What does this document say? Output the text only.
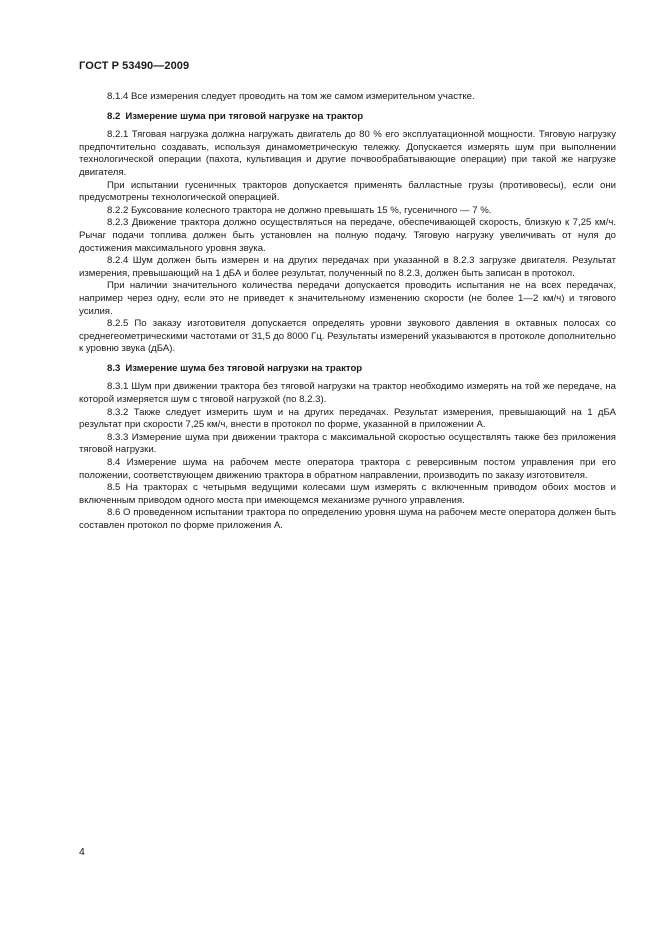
ГОСТ Р 53490—2009

8.1.4 Все измерения следует проводить на том же самом измерительном участке.

8.2 Измерение шума при тяговой нагрузке на трактор

8.2.1 Тяговая нагрузка должна нагружать двигатель до 80 % его эксплуатационной мощности. Тяговую нагрузку предпочтительно создавать, используя динамометрическую тележку. Допускается измерять шум при выполнении технологической операции (пахота, культивация и другие почвообрабатывающие операции) при такой же нагрузке двигателя.

При испытании гусеничных тракторов допускается применять балластные грузы (противовесы), если они предусмотрены технологической операцией.

8.2.2 Буксование колесного трактора не должно превышать 15 %, гусеничного — 7 %.

8.2.3 Движение трактора должно осуществляться на передаче, обеспечивающей скорость, близкую к 7,25 км/ч. Рычаг подачи топлива должен быть установлен на полную подачу. Тяговую нагрузку увеличивать от нуля до достижения максимального уровня звука.

8.2.4 Шум должен быть измерен и на других передачах при указанной в 8.2.3 загрузке двигателя. Результат измерения, превышающий на 1 дБА и более результат, полученный по 8.2.3, должен быть записан в протокол.

При наличии значительного количества передачи допускается проводить испытания не на всех передачах, например через одну, если это не приведет к значительному изменению скорости (не более 1—2 км/ч) и тягового усилия.

8.2.5 По заказу изготовителя допускается определять уровни звукового давления в октавных полосах со среднегеометрическими частотами от 31,5 до 8000 Гц. Результаты измерений указываются в протоколе дополнительно к уровню звука (дБА).

8.3 Измерение шума без тяговой нагрузки на трактор

8.3.1 Шум при движении трактора без тяговой нагрузки на трактор необходимо измерять на той же передаче, на которой измеряется шум с тяговой нагрузкой (по 8.2.3).

8.3.2 Также следует измерить шум и на других передачах. Результат измерения, превышающий на 1 дБА результат при скорости 7,25 км/ч, внести в протокол по форме, указанной в приложении А.

8.3.3 Измерение шума при движении трактора с максимальной скоростью осуществлять также без приложения тяговой нагрузки.

8.4 Измерение шума на рабочем месте оператора трактора с реверсивным постом управления при его положении, соответствующем движению трактора в обратном направлении, производить по заказу изготовителя.

8.5 На тракторах с четырьмя ведущими колесами шум измерять с включенным приводом обоих мостов и включенным приводом одного моста при имеющемся механизме ручного управления.

8.6 О проведенном испытании трактора по определению уровня шума на рабочем месте оператора должен быть составлен протокол по форме приложения А.

4
